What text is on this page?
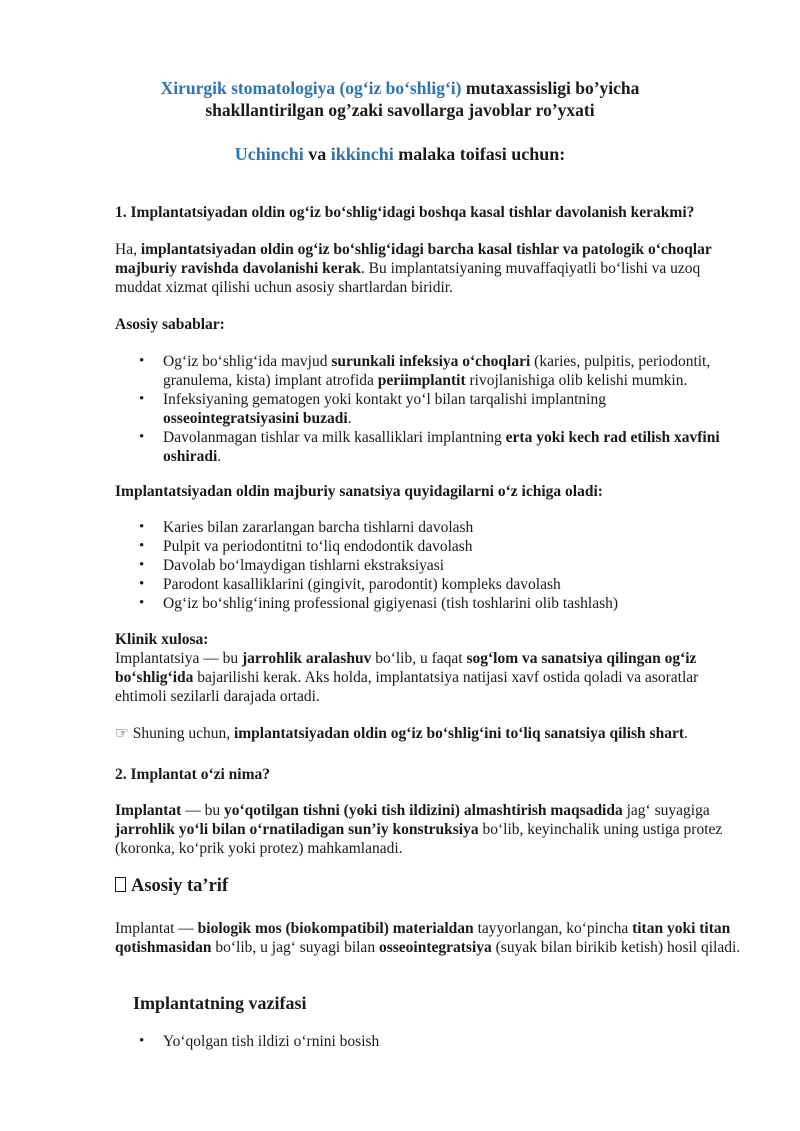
Xirurgik stomatologiya (og‘iz bo‘shlig‘i) mutaxassisligi bo’yicha
shakllantirilgan og’zaki savollarga javoblar ro’yxati
Uchinchi va ikkinchi malaka toifasi uchun:
1. Implantatsiyadan oldin og‘iz bo‘shlig‘idagi boshqa kasal tishlar davolanish kerakmi?
Ha, implantatsiyadan oldin og‘iz bo‘shlig‘idagi barcha kasal tishlar va patologik o‘choqlar majburiy ravishda davolanishi kerak. Bu implantatsiyaning muvaffaqiyatli bo‘lishi va uzoq muddat xizmat qilishi uchun asosiy shartlardan biridir.
Asosiy sabablar:
• Og‘iz bo‘shlig‘ida mavjud surunkali infeksiya o‘choqlari (karies, pulpitis, periodontit, granulema, kista) implant atrofida periimplantit rivojlanishiga olib kelishi mumkin.
• Infeksiyaning gematogen yoki kontakt yo‘l bilan tarqalishi implantning osseointegratsiyasini buzadi.
• Davolanmagan tishlar va milk kasalliklari implantning erta yoki kech rad etilish xavfini oshiradi.
Implantatsiyadan oldin majburiy sanatsiya quyidagilarni o‘z ichiga oladi:
• Karies bilan zararlangan barcha tishlarni davolash
• Pulpit va periodontitni to‘liq endodontik davolash
• Davolab bo‘lmaydigan tishlarni ekstraksiyasi
• Parodont kasalliklarini (gingivit, parodontit) kompleks davolash
• Og‘iz bo‘shlig‘ining professional gigiyenasi (tish toshlarini olib tashlash)
Klinik xulosa:
Implantatsiya — bu jarrohlik aralashuv bo‘lib, u faqat sog‘lom va sanatsiya qilingan og‘iz bo‘shlig‘ida bajarilishi kerak. Aks holda, implantatsiya natijasi xavf ostida qoladi va asoratlar ehtimoli sezilarli darajada ortadi.
☞ Shuning uchun, implantatsiyadan oldin og‘iz bo‘shlig‘ini to‘liq sanatsiya qilish shart.
2. Implantat o‘zi nima?
Implantat — bu yo‘qotilgan tishni (yoki tish ildizini) almashtirish maqsadida jag‘ suyagiga jarrohlik yo‘li bilan o‘rnatiladigan sun’iy konstruksiya bo‘lib, keyinchalik uning ustiga protez (koronka, ko‘prik yoki protez) mahkamlanadi.
Asosiy ta’rif
Implantat — biologik mos (biokompatibil) materialdan tayyorlangan, ko‘pincha titan yoki titan qotishmasidan bo‘lib, u jag‘ suyagi bilan osseointegratsiya (suyak bilan birikib ketish) hosil qiladi.
Implantatning vazifasi
• Yo‘qolgan tish ildizi o‘rnini bosish
